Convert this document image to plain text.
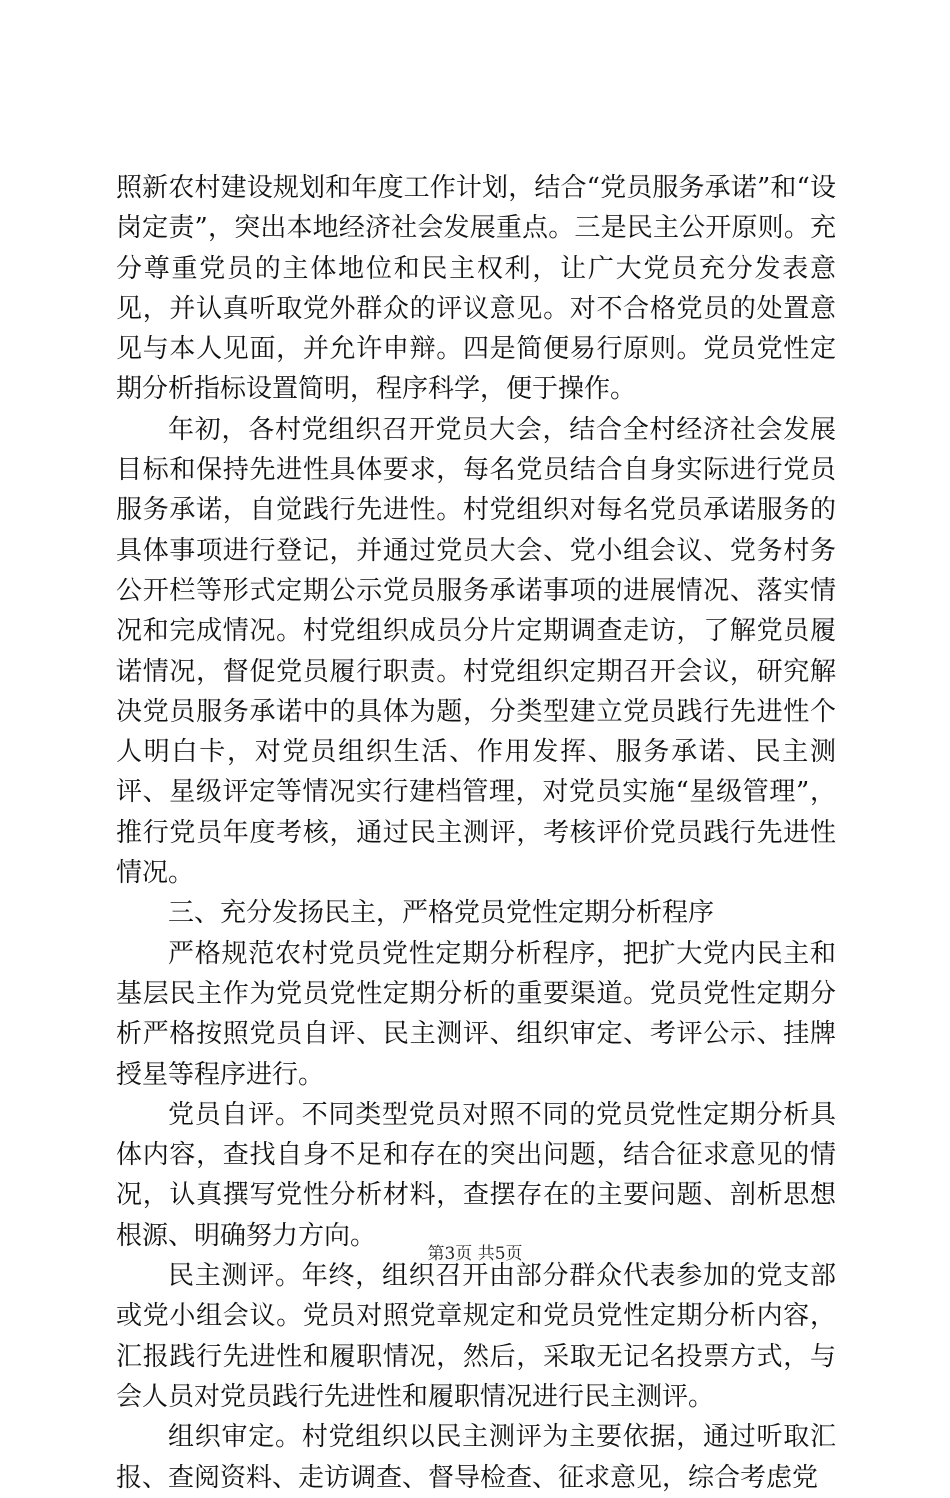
照新农村建设规划和年度工作计划，结合“党员服务承诺”和“设岗定责”，突出本地经济社会发展重点。三是民主公开原则。充分尊重党员的主体地位和民主权利，让广大党员充分发表意见，并认真听取党外群众的评议意见。对不合格党员的处置意见与本人见面，并允许申辩。四是简便易行原则。党员党性定期分析指标设置简明，程序科学，便于操作。

年初，各村党组织召开党员大会，结合全村经济社会发展目标和保持先进性具体要求，每名党员结合自身实际进行党员服务承诺，自觉践行先进性。村党组织对每名党员承诺服务的具体事项进行登记，并通过党员大会、党小组会议、党务村务公开栏等形式定期公示党员服务承诺事项的进展情况、落实情况和完成情况。村党组织成员分片定期调查走访，了解党员履诺情况，督促党员履行职责。村党组织定期召开会议，研究解决党员服务承诺中的具体为题，分类型建立党员践行先进性个人明白卡，对党员组织生活、作用发挥、服务承诺、民主测评、星级评定等情况实行建档管理，对党员实施“星级管理”，推行党员年度考核，通过民主测评，考核评价党员践行先进性情况。

三、充分发扬民主，严格党员党性定期分析程序

严格规范农村党员党性定期分析程序，把扩大党内民主和基层民主作为党员党性定期分析的重要渠道。党员党性定期分析严格按照党员自评、民主测评、组织审定、考评公示、挂牌授星等程序进行。

党员自评。不同类型党员对照不同的党员党性定期分析具体内容，查找自身不足和存在的突出问题，结合征求意见的情况，认真撰写党性分析材料，查摆存在的主要问题、剖析思想根源、明确努力方向。

民主测评。年终，组织召开由部分群众代表参加的党支部或党小组会议。党员对照党章规定和党员党性定期分析内容，汇报践行先进性和履职情况，然后，采取无记名投票方式，与会人员对党员践行先进性和履职情况进行民主测评。

组织审定。村党组织以民主测评为主要依据，通过听取汇报、查阅资料、走访调查、督导检查、征求意见，综合考虑党

第3页 共5页
